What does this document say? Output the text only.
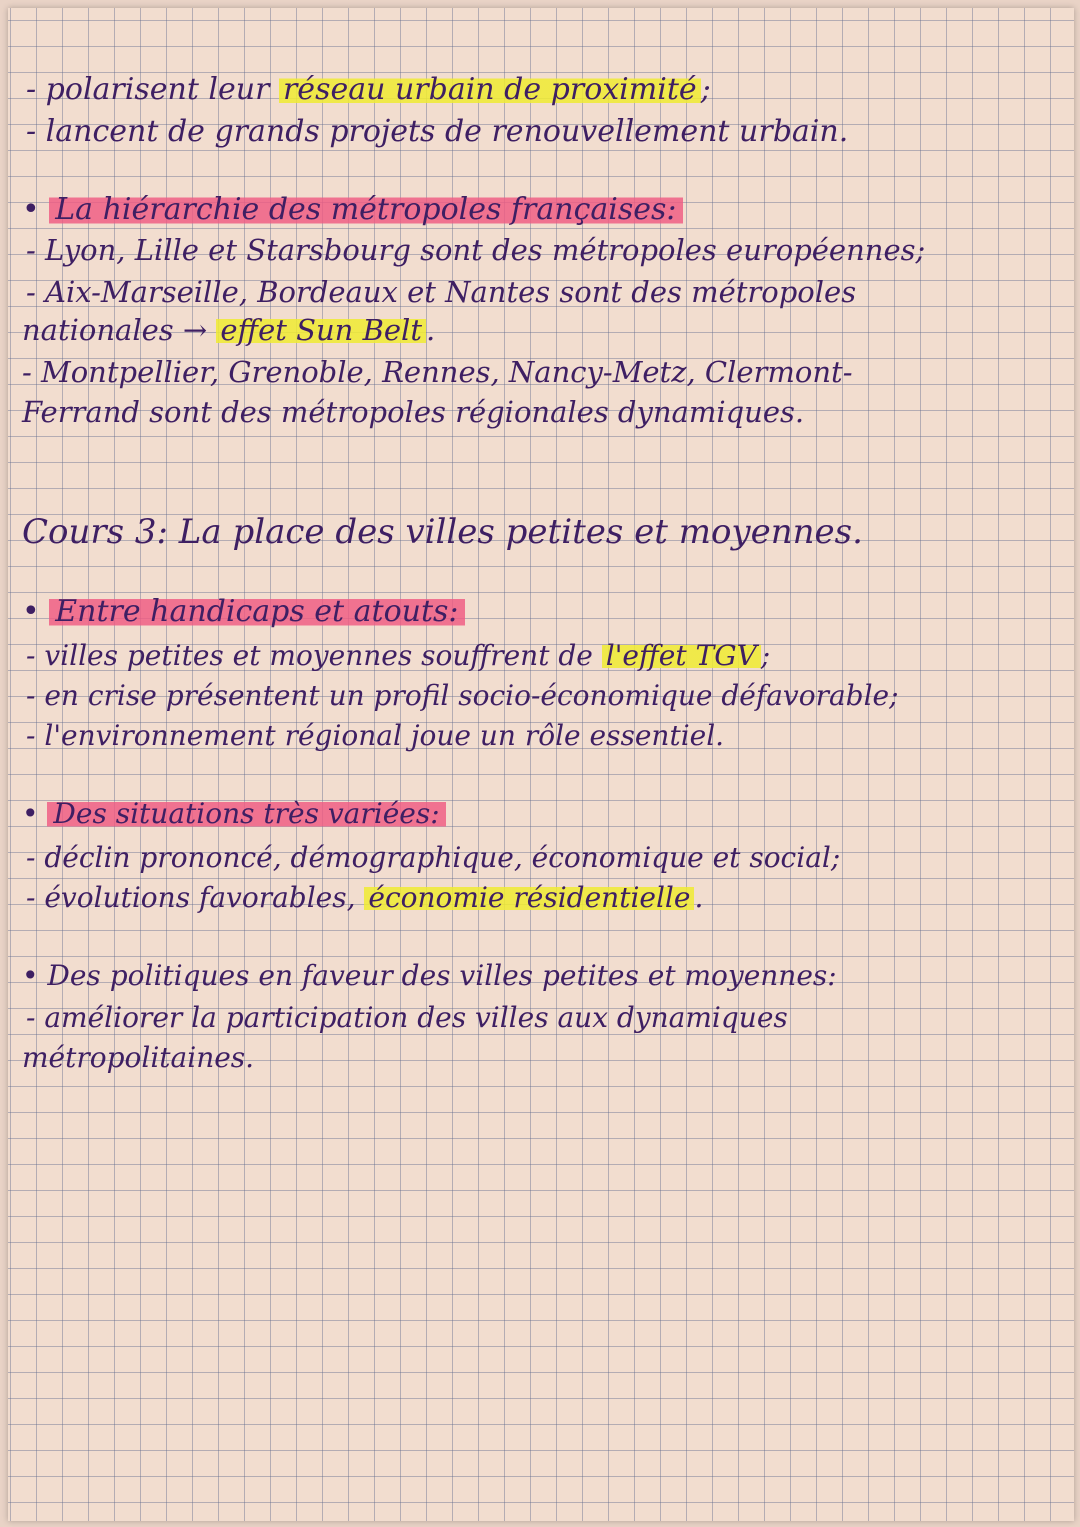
- polarisent leur réseau urbain de proximité ;
- lancent de grands projets de renouvellement urbain.
• La hiérarchie des métropoles françaises:
- Lyon, Lille et Starsbourg sont des métropoles européennes;
- Aix-Marseille, Bordeaux et Nantes sont des métropoles
nationales → effet Sun Belt .
- Montpellier, Grenoble, Rennes, Nancy-Metz, Clermont-
Ferrand sont des métropoles régionales dynamiques.
Cours 3: La place des villes petites et moyennes.
• Entre handicaps et atouts:
- villes petites et moyennes souffrent de l'effet TGV ;
- en crise présentent un profil socio-économique défavorable;
- l'environnement régional joue un rôle essentiel.
• Des situations très variées:
- déclin prononcé, démographique, économique et social;
- évolutions favorables, économie résidentielle .
• Des politiques en faveur des villes petites et moyennes:
- améliorer la participation des villes aux dynamiques
métropolitaines.
